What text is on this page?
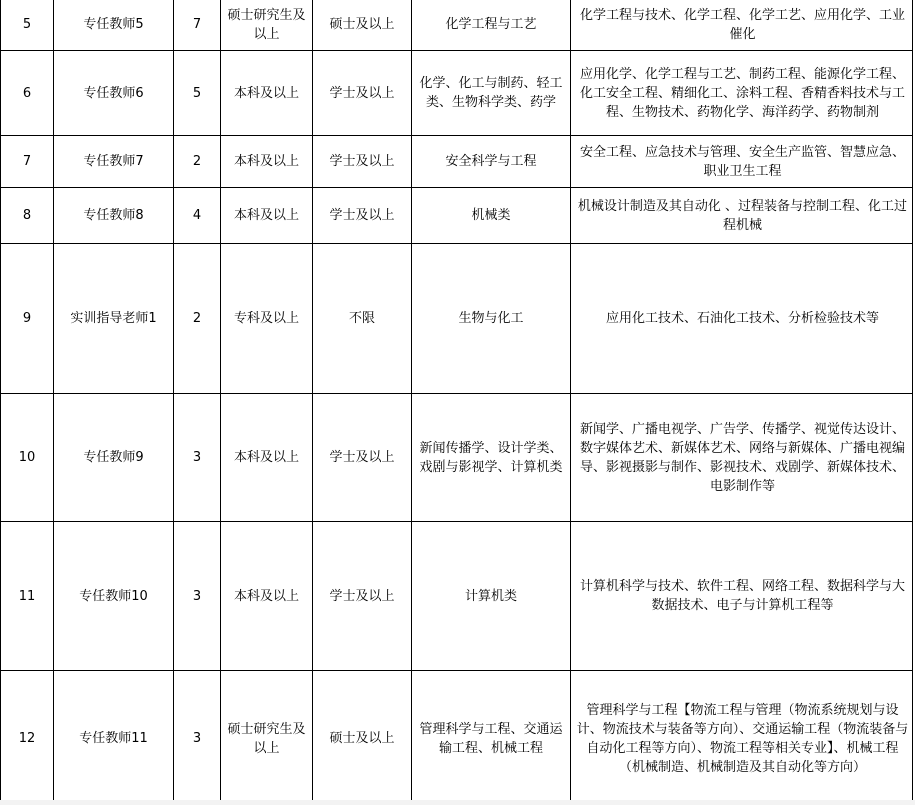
5	专任教师5	7	硕士研究生及以上	硕士及以上	化学工程与工艺	化学工程与技术、化学工程、化学工艺、应用化学、工业催化
6	专任教师6	5	本科及以上	学士及以上	化学、化工与制药、轻工类、生物科学类、药学	应用化学、化学工程与工艺、制药工程、能源化学工程、化工安全工程、精细化工、涂料工程、香精香料技术与工程、生物技术、药物化学、海洋药学、药物制剂
7	专任教师7	2	本科及以上	学士及以上	安全科学与工程	安全工程、应急技术与管理、安全生产监管、智慧应急、职业卫生工程
8	专任教师8	4	本科及以上	学士及以上	机械类	机械设计制造及其自动化 、过程装备与控制工程、化工过程机械
9	实训指导老师1	2	专科及以上	不限	生物与化工	应用化工技术、石油化工技术、分析检验技术等
10	专任教师9	3	本科及以上	学士及以上	新闻传播学、设计学类、戏剧与影视学、计算机类	新闻学、广播电视学、广告学、传播学、视觉传达设计、数字媒体艺术、新媒体艺术、网络与新媒体、广播电视编导、影视摄影与制作、影视技术、戏剧学、新媒体技术、电影制作等
11	专任教师10	3	本科及以上	学士及以上	计算机类	计算机科学与技术、软件工程、网络工程、数据科学与大数据技术、电子与计算机工程等
12	专任教师11	3	硕士研究生及以上	硕士及以上	管理科学与工程、交通运输工程、机械工程	管理科学与工程【物流工程与管理（物流系统规划与设计、物流技术与装备等方向）、交通运输工程（物流装备与自动化工程等方向）、物流工程等相关专业】、机械工程（机械制造、机械制造及其自动化等方向）
